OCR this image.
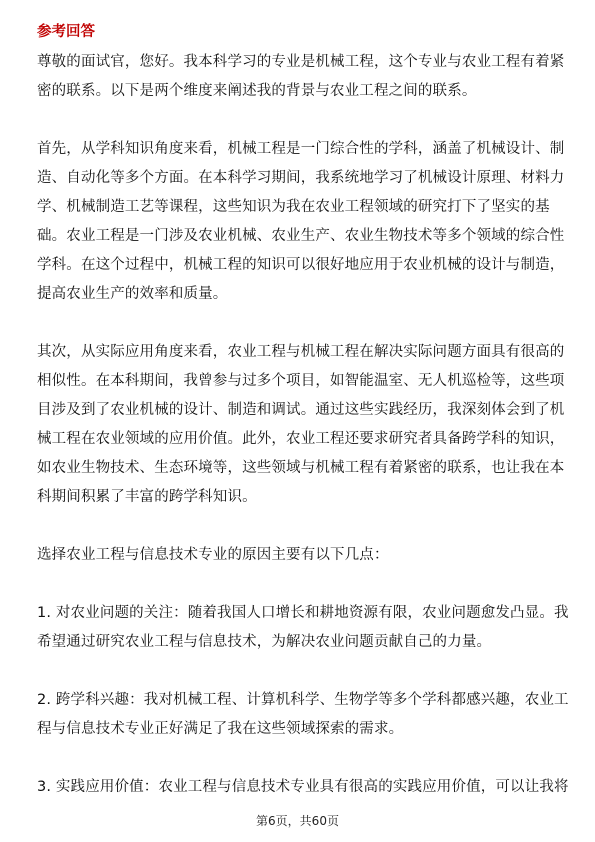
参考回答
尊敬的面试官，您好。我本科学习的专业是机械工程，这个专业与农业工程有着紧
密的联系。以下是两个维度来阐述我的背景与农业工程之间的联系。
首先，从学科知识角度来看，机械工程是一门综合性的学科，涵盖了机械设计、制
造、自动化等多个方面。在本科学习期间，我系统地学习了机械设计原理、材料力
学、机械制造工艺等课程，这些知识为我在农业工程领域的研究打下了坚实的基
础。农业工程是一门涉及农业机械、农业生产、农业生物技术等多个领域的综合性
学科。在这个过程中，机械工程的知识可以很好地应用于农业机械的设计与制造，
提高农业生产的效率和质量。
其次，从实际应用角度来看，农业工程与机械工程在解决实际问题方面具有很高的
相似性。在本科期间，我曾参与过多个项目，如智能温室、无人机巡检等，这些项
目涉及到了农业机械的设计、制造和调试。通过这些实践经历，我深刻体会到了机
械工程在农业领域的应用价值。此外，农业工程还要求研究者具备跨学科的知识，
如农业生物技术、生态环境等，这些领域与机械工程有着紧密的联系，也让我在本
科期间积累了丰富的跨学科知识。
选择农业工程与信息技术专业的原因主要有以下几点：
1. 对农业问题的关注：随着我国人口增长和耕地资源有限，农业问题愈发凸显。我
希望通过研究农业工程与信息技术，为解决农业问题贡献自己的力量。
2. 跨学科兴趣：我对机械工程、计算机科学、生物学等多个学科都感兴趣，农业工
程与信息技术专业正好满足了我在这些领域探索的需求。
3. 实践应用价值：农业工程与信息技术专业具有很高的实践应用价值，可以让我将
第6页，共60页
